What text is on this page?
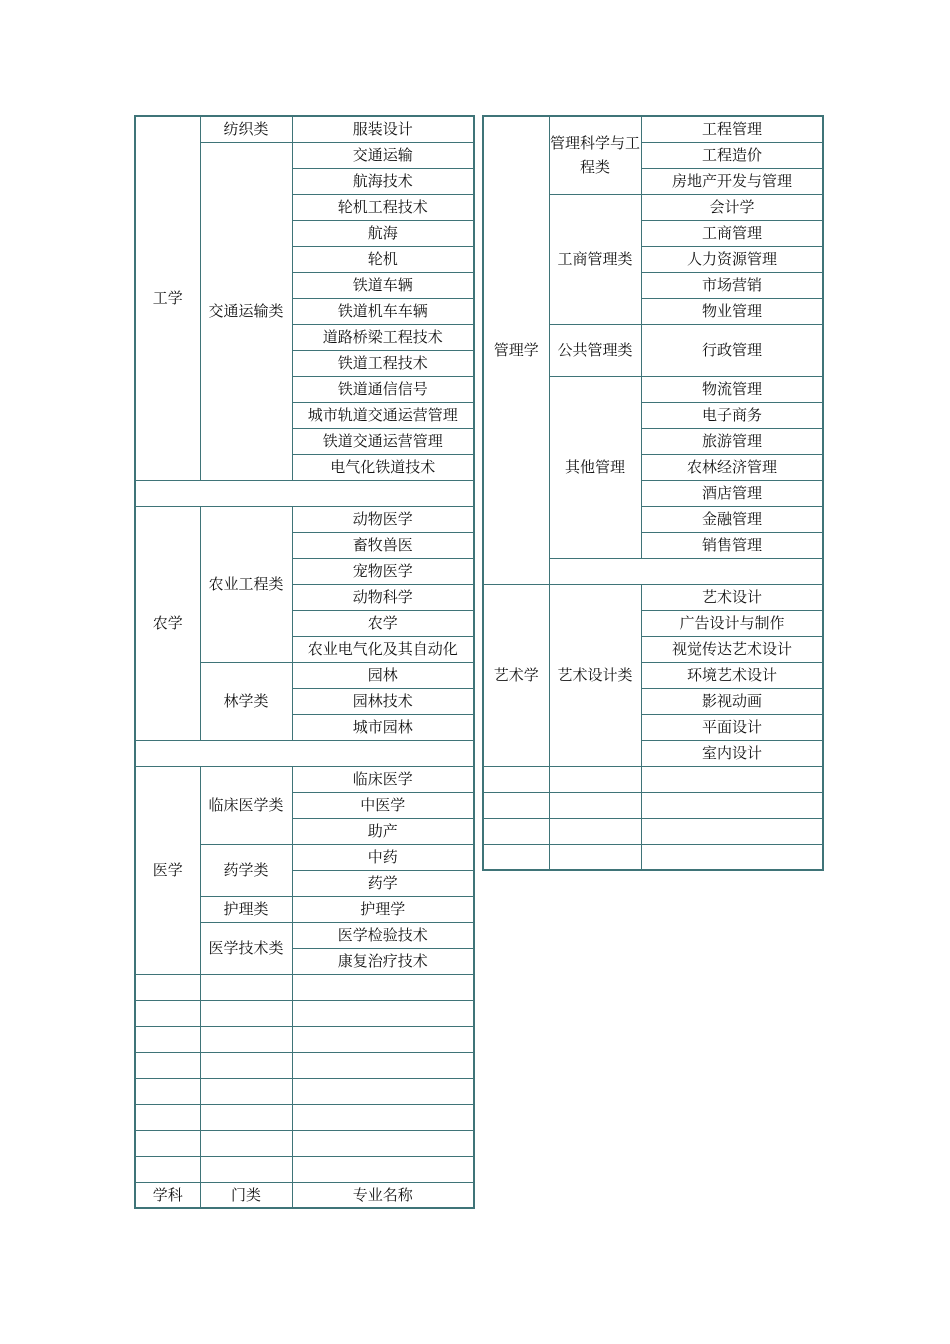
工学	纺织类	服装设计
	交通运输类	交通运输
		航海技术
		轮机工程技术
		航海
		轮机
		铁道车辆
		铁道机车车辆
		道路桥梁工程技术
		铁道工程技术
		铁道通信信号
		城市轨道交通运营管理
		铁道交通运营管理
		电气化铁道技术

农学	农业工程类	动物医学
		畜牧兽医
		宠物医学
		动物科学
		农学
		农业电气化及其自动化
	林学类	园林
		园林技术
		城市园林

医学	临床医学类	临床医学
		中医学
		助产
	药学类	中药
		药学
	护理类	护理学
	医学技术类	医学检验技术
		康复治疗技术

学科	门类	专业名称
管理学	管理科学与工程类	工程管理
		工程造价
		房地产开发与管理
	工商管理类	会计学
		工商管理
		人力资源管理
		市场营销
		物业管理
	公共管理类	行政管理
	其他管理	物流管理
		电子商务
		旅游管理
		农林经济管理
		酒店管理
		金融管理
		销售管理

艺术学	艺术设计类	艺术设计
		广告设计与制作
		视觉传达艺术设计
		环境艺术设计
		影视动画
		平面设计
		室内设计
